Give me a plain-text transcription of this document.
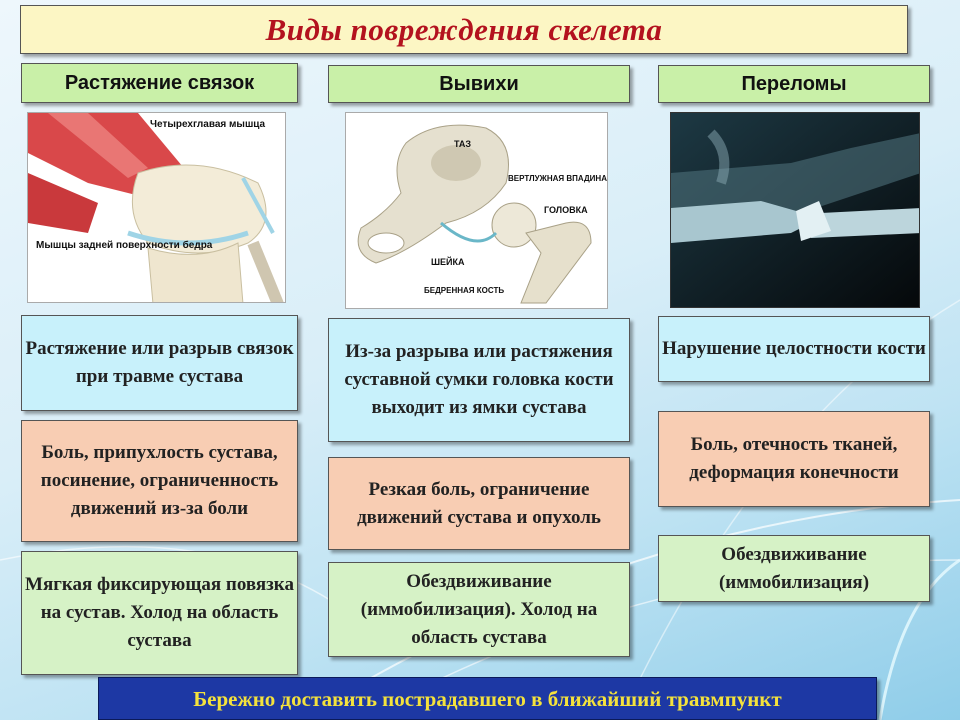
Виды повреждения скелета
Растяжение связок	Вывихи	Переломы
Четырехглавая мышца
Мышцы задней поверхности бедра
ТАЗ
ВЕРТЛУЖНАЯ ВПАДИНА
ГОЛОВКА
ШЕЙКА
БЕДРЕННАЯ КОСТЬ
Растяжение или разрыв связок при травме сустава
Из-за разрыва или растяжения суставной сумки головка кости выходит из ямки сустава
Нарушение целостности кости
Боль, припухлость сустава, посинение, ограниченность движений из-за боли
Резкая боль, ограничение движений сустава и опухоль
Боль, отечность тканей, деформация конечности
Мягкая фиксирующая повязка на сустав. Холод на область сустава
Обездвиживание (иммобилизация). Холод на область сустава
Обездвиживание (иммобилизация)
Бережно доставить пострадавшего в ближайший травмпункт
